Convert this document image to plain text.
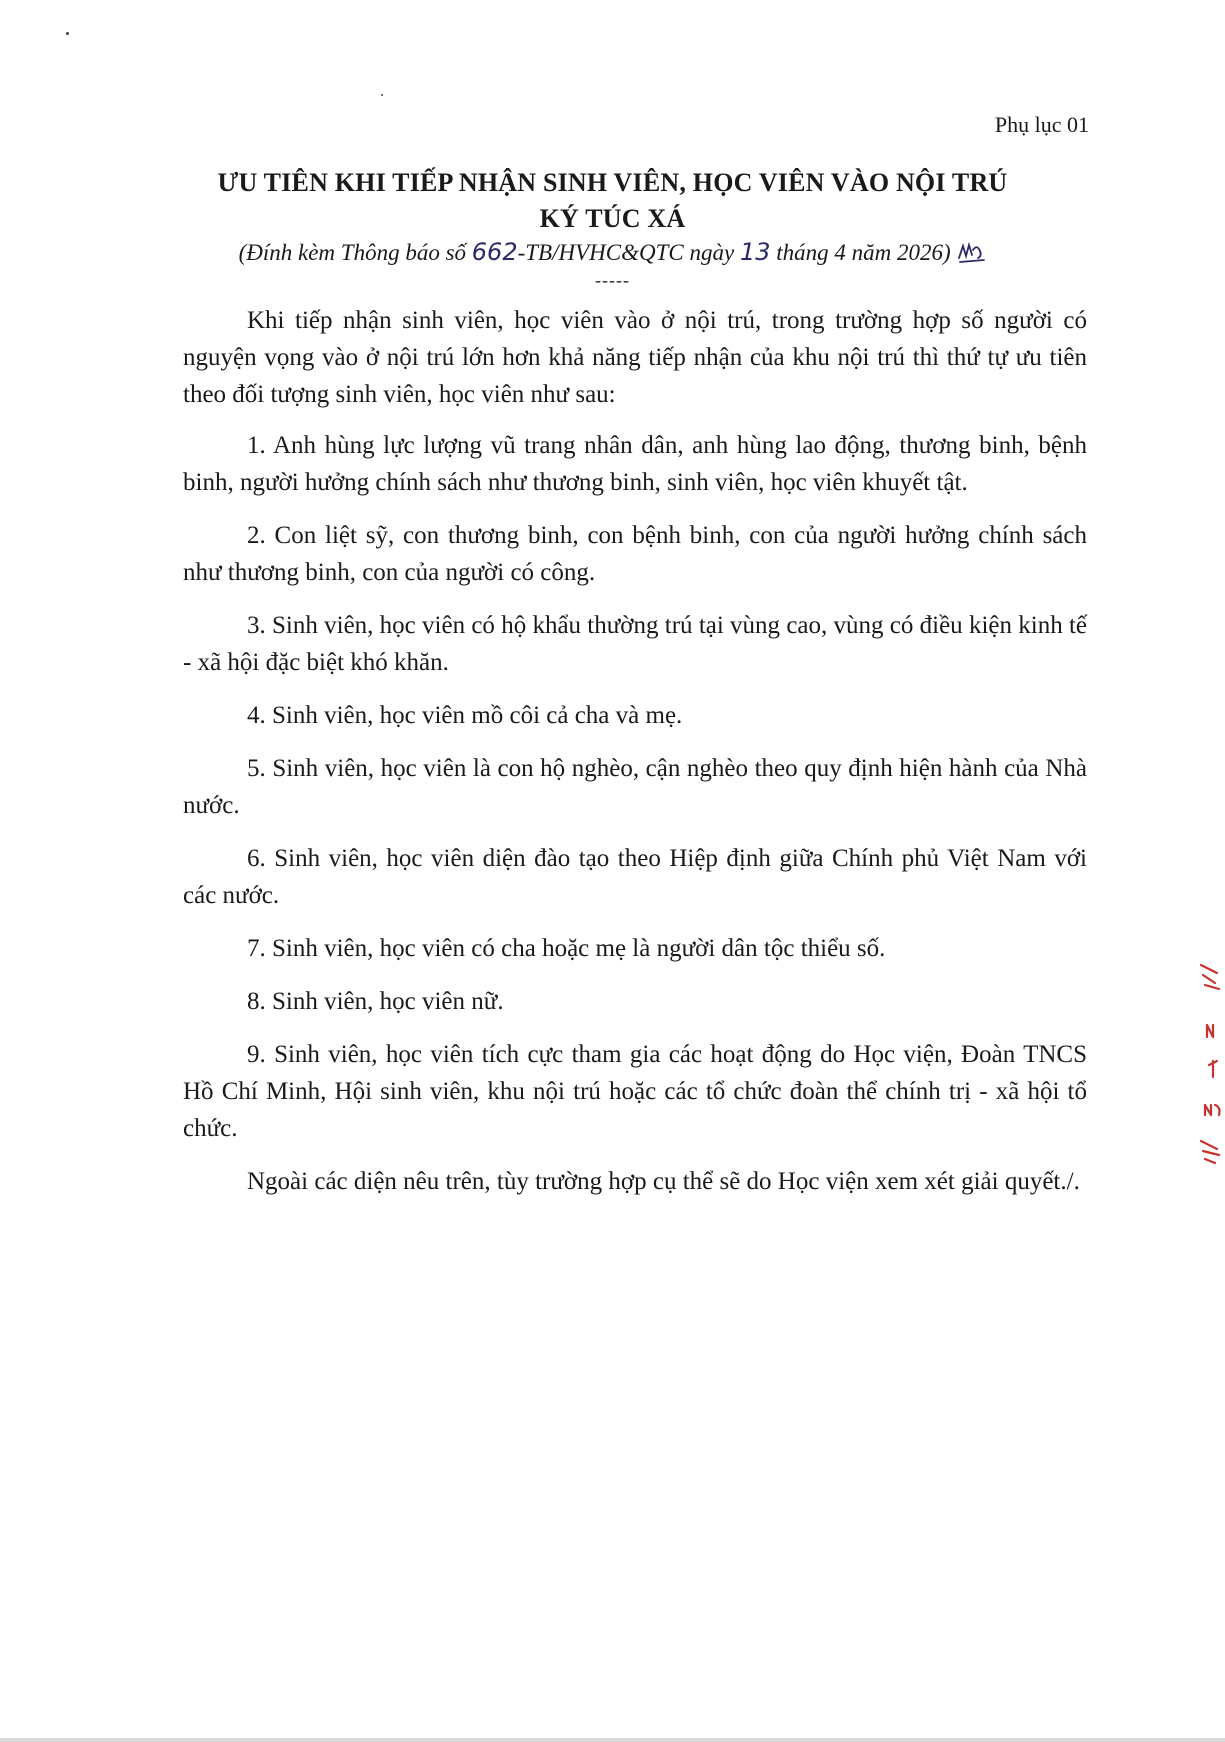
Phụ lục 01
ƯU TIÊN KHI TIẾP NHẬN SINH VIÊN, HỌC VIÊN VÀO NỘI TRÚ
KÝ TÚC XÁ
(Đính kèm Thông báo số 662-TB/HVHC&QTC ngày 13 tháng 4 năm 2026)
-----

Khi tiếp nhận sinh viên, học viên vào ở nội trú, trong trường hợp số người có nguyện vọng vào ở nội trú lớn hơn khả năng tiếp nhận của khu nội trú thì thứ tự ưu tiên theo đối tượng sinh viên, học viên như sau:

1. Anh hùng lực lượng vũ trang nhân dân, anh hùng lao động, thương binh, bệnh binh, người hưởng chính sách như thương binh, sinh viên, học viên khuyết tật.

2. Con liệt sỹ, con thương binh, con bệnh binh, con của người hưởng chính sách như thương binh, con của người có công.

3. Sinh viên, học viên có hộ khẩu thường trú tại vùng cao, vùng có điều kiện kinh tế - xã hội đặc biệt khó khăn.

4. Sinh viên, học viên mồ côi cả cha và mẹ.

5. Sinh viên, học viên là con hộ nghèo, cận nghèo theo quy định hiện hành của Nhà nước.

6. Sinh viên, học viên diện đào tạo theo Hiệp định giữa Chính phủ Việt Nam với các nước.

7. Sinh viên, học viên có cha hoặc mẹ là người dân tộc thiểu số.

8. Sinh viên, học viên nữ.

9. Sinh viên, học viên tích cực tham gia các hoạt động do Học viện, Đoàn TNCS Hồ Chí Minh, Hội sinh viên, khu nội trú hoặc các tổ chức đoàn thể chính trị - xã hội tổ chức.

Ngoài các diện nêu trên, tùy trường hợp cụ thể sẽ do Học viện xem xét giải quyết./.
